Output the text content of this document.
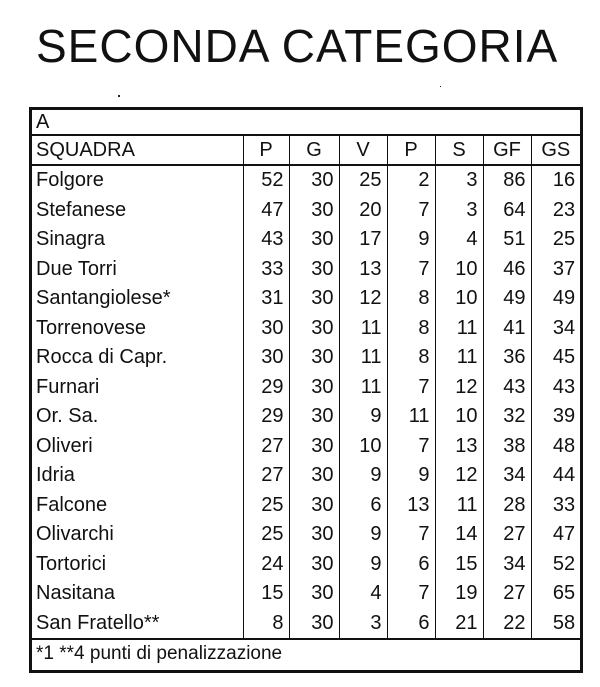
SECONDA CATEGORIA
A							
SQUADRA	P	G	V	P	S	GF	GS
Folgore	52	30	25	2	3	86	16
Stefanese	47	30	20	7	3	64	23
Sinagra	43	30	17	9	4	51	25
Due Torri	33	30	13	7	10	46	37
Santangiolese*	31	30	12	8	10	49	49
Torrenovese	30	30	11	8	11	41	34
Rocca di Capr.	30	30	11	8	11	36	45
Furnari	29	30	11	7	12	43	43
Or. Sa.	29	30	9	11	10	32	39
Oliveri	27	30	10	7	13	38	48
Idria	27	30	9	9	12	34	44
Falcone	25	30	6	13	11	28	33
Olivarchi	25	30	9	7	14	27	47
Tortorici	24	30	9	6	15	34	52
Nasitana	15	30	4	7	19	27	65
San Fratello**	8	30	3	6	21	22	58
*1 **4 punti di penalizzazione							
